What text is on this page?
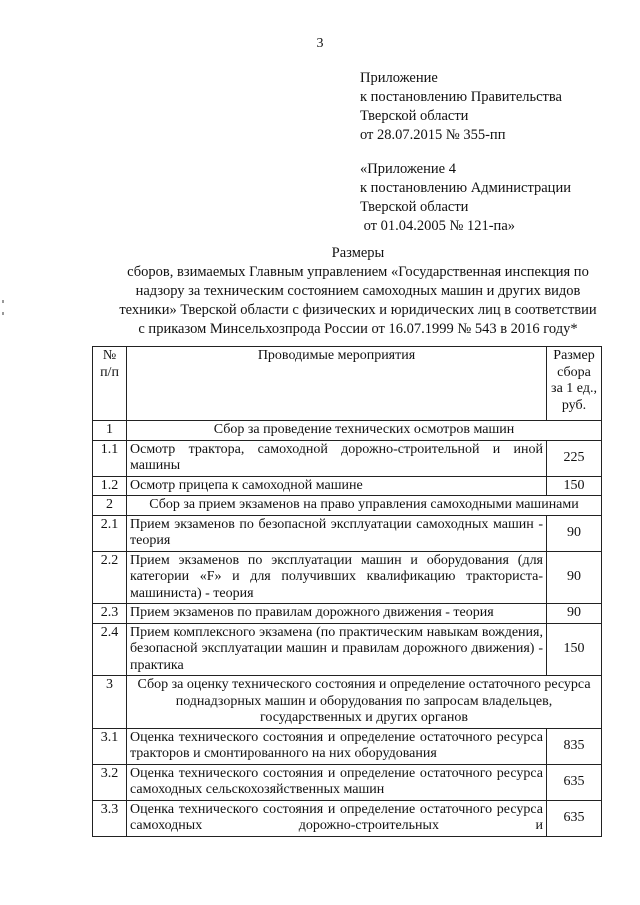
3
Приложение
к постановлению Правительства
Тверской области
от 28.07.2015 № 355-пп
«Приложение 4
к постановлению Администрации
Тверской области
от 01.04.2005 № 121-па»
Размеры
сборов, взимаемых Главным управлением «Государственная инспекция по
надзору за техническим состоянием самоходных машин и других видов
техники» Тверской области с физических и юридических лиц в соответствии
с приказом Минсельхозпрода России от 16.07.1999 № 543 в 2016 году*
№ п/п	Проводимые мероприятия	Размер сбора за 1 ед., руб.
1	Сбор за проведение технических осмотров машин	
1.1	Осмотр трактора, самоходной дорожно-строительной и иной машины	225
1.2	Осмотр прицепа к самоходной машине	150
2	Сбор за прием экзаменов на право управления самоходными машинами	
2.1	Прием экзаменов по безопасной эксплуатации самоходных машин - теория	90
2.2	Прием экзаменов по эксплуатации машин и оборудования (для категории «F» и для получивших квалификацию тракториста-машиниста) - теория	90
2.3	Прием экзаменов по правилам дорожного движения - теория	90
2.4	Прием комплексного экзамена (по практическим навыкам вождения, безопасной эксплуатации машин и правилам дорожного движения) - практика	150
3	Сбор за оценку технического состояния и определение остаточного ресурса поднадзорных машин и оборудования по запросам владельцев, государственных и других органов	
3.1	Оценка технического состояния и определение остаточного ресурса тракторов и смонтированного на них оборудования	835
3.2	Оценка технического состояния и определение остаточного ресурса самоходных сельскохозяйственных машин	635
3.3	Оценка технического состояния и определение остаточного ресурса самоходных дорожно-строительных и	635
